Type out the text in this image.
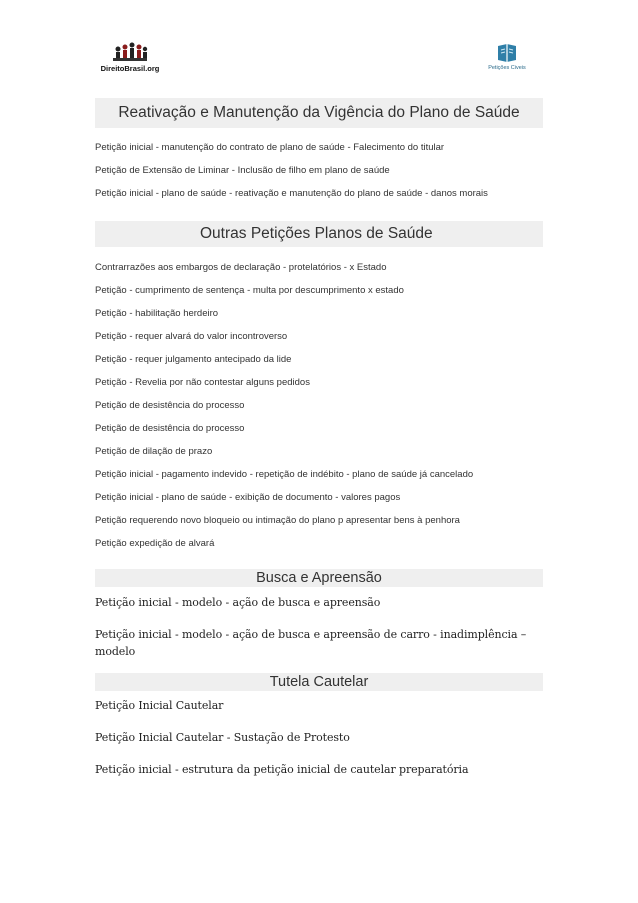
DireitoBrasil.org	Petições Civeis

Reativação e Manutenção da Vigência do Plano de Saúde
Petição inicial - manutenção do contrato de plano de saúde - Falecimento do titular
Petição de Extensão de Liminar - Inclusão de filho em plano de saúde
Petição inicial - plano de saúde - reativação e manutenção do plano de saúde - danos morais
Outras Petições Planos de Saúde
Contrarrazões aos embargos de declaração - protelatórios - x Estado
Petição - cumprimento de sentença - multa por descumprimento x estado
Petição - habilitação herdeiro
Petição - requer alvará do valor incontroverso
Petição - requer julgamento antecipado da lide
Petição - Revelia por não contestar alguns pedidos
Petição de desistência do processo
Petição de desistência do processo
Petição de dilação de prazo
Petição inicial - pagamento indevido - repetição de indébito - plano de saúde já cancelado
Petição inicial - plano de saúde - exibição de documento - valores pagos
Petição requerendo novo bloqueio ou intimação do plano p apresentar bens à penhora
Petição expedição de alvará
Busca e Apreensão
Petição inicial - modelo - ação de busca e apreensão
Petição inicial - modelo - ação de busca e apreensão de carro - inadimplência – modelo
Tutela Cautelar
Petição Inicial Cautelar
Petição Inicial Cautelar - Sustação de Protesto
Petição inicial - estrutura da petição inicial de cautelar preparatória
